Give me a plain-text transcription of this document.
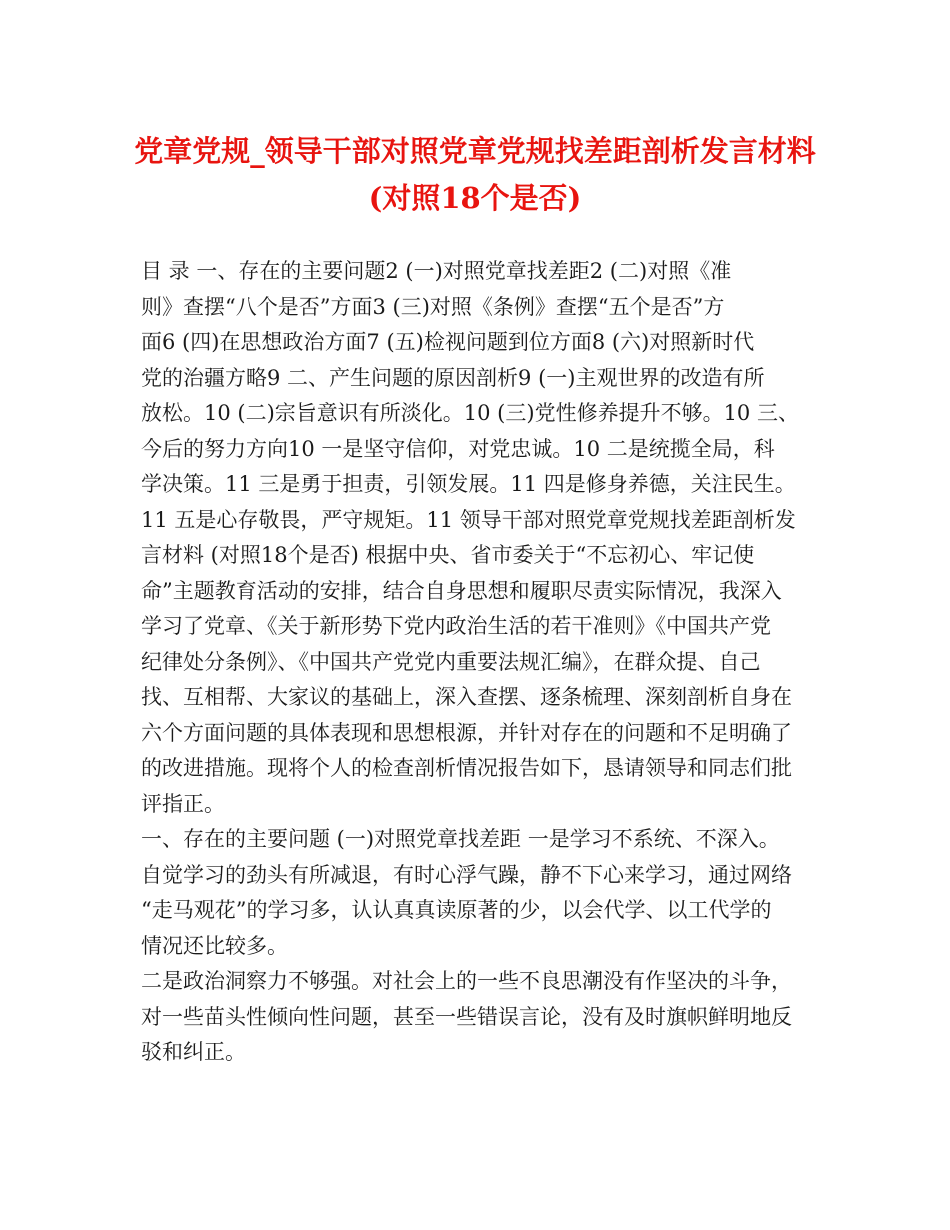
党章党规_领导干部对照党章党规找差距剖析发言材料
(对照18个是否)
目 录 一、存在的主要问题2 (一)对照党章找差距2 (二)对照《准
则》查摆“八个是否”方面3 (三)对照《条例》查摆“五个是否”方
面6 (四)在思想政治方面7 (五)检视问题到位方面8 (六)对照新时代
党的治疆方略9 二、产生问题的原因剖析9 (一)主观世界的改造有所
放松。10 (二)宗旨意识有所淡化。10 (三)党性修养提升不够。10 三、
今后的努力方向10 一是坚守信仰，对党忠诚。10 二是统揽全局，科
学决策。11 三是勇于担责，引领发展。11 四是修身养德，关注民生。
11 五是心存敬畏，严守规矩。11 领导干部对照党章党规找差距剖析发
言材料 (对照18个是否) 根据中央、省市委关于“不忘初心、牢记使
命”主题教育活动的安排，结合自身思想和履职尽责实际情况，我深入
学习了党章、《关于新形势下党内政治生活的若干准则》《中国共产党
纪律处分条例》、《中国共产党党内重要法规汇编》，在群众提、自己
找、互相帮、大家议的基础上，深入查摆、逐条梳理、深刻剖析自身在
六个方面问题的具体表现和思想根源，并针对存在的问题和不足明确了
的改进措施。现将个人的检查剖析情况报告如下，恳请领导和同志们批
评指正。
一、存在的主要问题 (一)对照党章找差距 一是学习不系统、不深入。
自觉学习的劲头有所减退，有时心浮气躁，静不下心来学习，通过网络
“走马观花”的学习多，认认真真读原著的少，以会代学、以工代学的
情况还比较多。
二是政治洞察力不够强。对社会上的一些不良思潮没有作坚决的斗争，
对一些苗头性倾向性问题，甚至一些错误言论，没有及时旗帜鲜明地反
驳和纠正。
